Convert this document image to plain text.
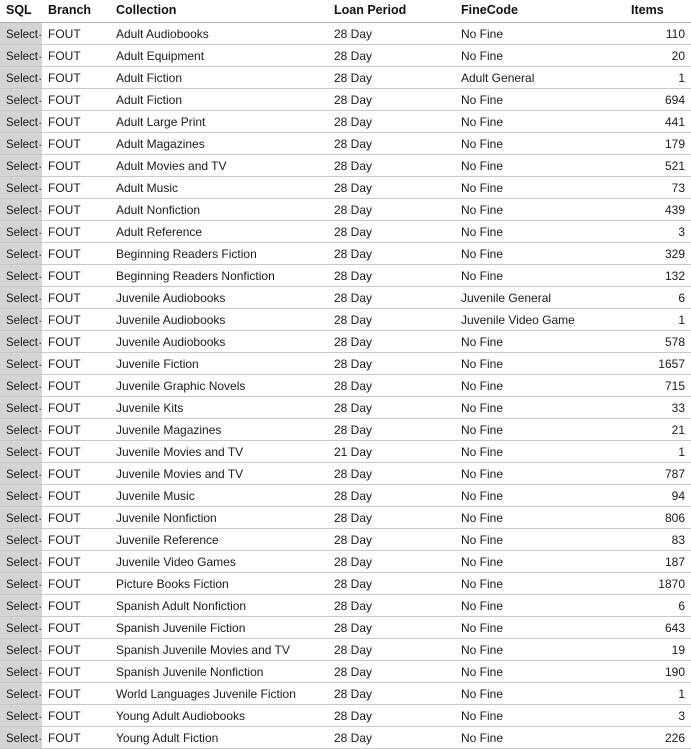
SQL	Branch	Collection	Loan Period	FineCode	Items
Select	FOUT	Adult Audiobooks	28 Day	No Fine	110
Select	FOUT	Adult Equipment	28 Day	No Fine	20
Select	FOUT	Adult Fiction	28 Day	Adult General	1
Select	FOUT	Adult Fiction	28 Day	No Fine	694
Select	FOUT	Adult Large Print	28 Day	No Fine	441
Select	FOUT	Adult Magazines	28 Day	No Fine	179
Select	FOUT	Adult Movies and TV	28 Day	No Fine	521
Select	FOUT	Adult Music	28 Day	No Fine	73
Select	FOUT	Adult Nonfiction	28 Day	No Fine	439
Select	FOUT	Adult Reference	28 Day	No Fine	3
Select	FOUT	Beginning Readers Fiction	28 Day	No Fine	329
Select	FOUT	Beginning Readers Nonfiction	28 Day	No Fine	132
Select	FOUT	Juvenile Audiobooks	28 Day	Juvenile General	6
Select	FOUT	Juvenile Audiobooks	28 Day	Juvenile Video Game	1
Select	FOUT	Juvenile Audiobooks	28 Day	No Fine	578
Select	FOUT	Juvenile Fiction	28 Day	No Fine	1657
Select	FOUT	Juvenile Graphic Novels	28 Day	No Fine	715
Select	FOUT	Juvenile Kits	28 Day	No Fine	33
Select	FOUT	Juvenile Magazines	28 Day	No Fine	21
Select	FOUT	Juvenile Movies and TV	21 Day	No Fine	1
Select	FOUT	Juvenile Movies and TV	28 Day	No Fine	787
Select	FOUT	Juvenile Music	28 Day	No Fine	94
Select	FOUT	Juvenile Nonfiction	28 Day	No Fine	806
Select	FOUT	Juvenile Reference	28 Day	No Fine	83
Select	FOUT	Juvenile Video Games	28 Day	No Fine	187
Select	FOUT	Picture Books Fiction	28 Day	No Fine	1870
Select	FOUT	Spanish Adult Nonfiction	28 Day	No Fine	6
Select	FOUT	Spanish Juvenile Fiction	28 Day	No Fine	643
Select	FOUT	Spanish Juvenile Movies and TV	28 Day	No Fine	19
Select	FOUT	Spanish Juvenile Nonfiction	28 Day	No Fine	190
Select	FOUT	World Languages Juvenile Fiction	28 Day	No Fine	1
Select	FOUT	Young Adult Audiobooks	28 Day	No Fine	3
Select	FOUT	Young Adult Fiction	28 Day	No Fine	226
